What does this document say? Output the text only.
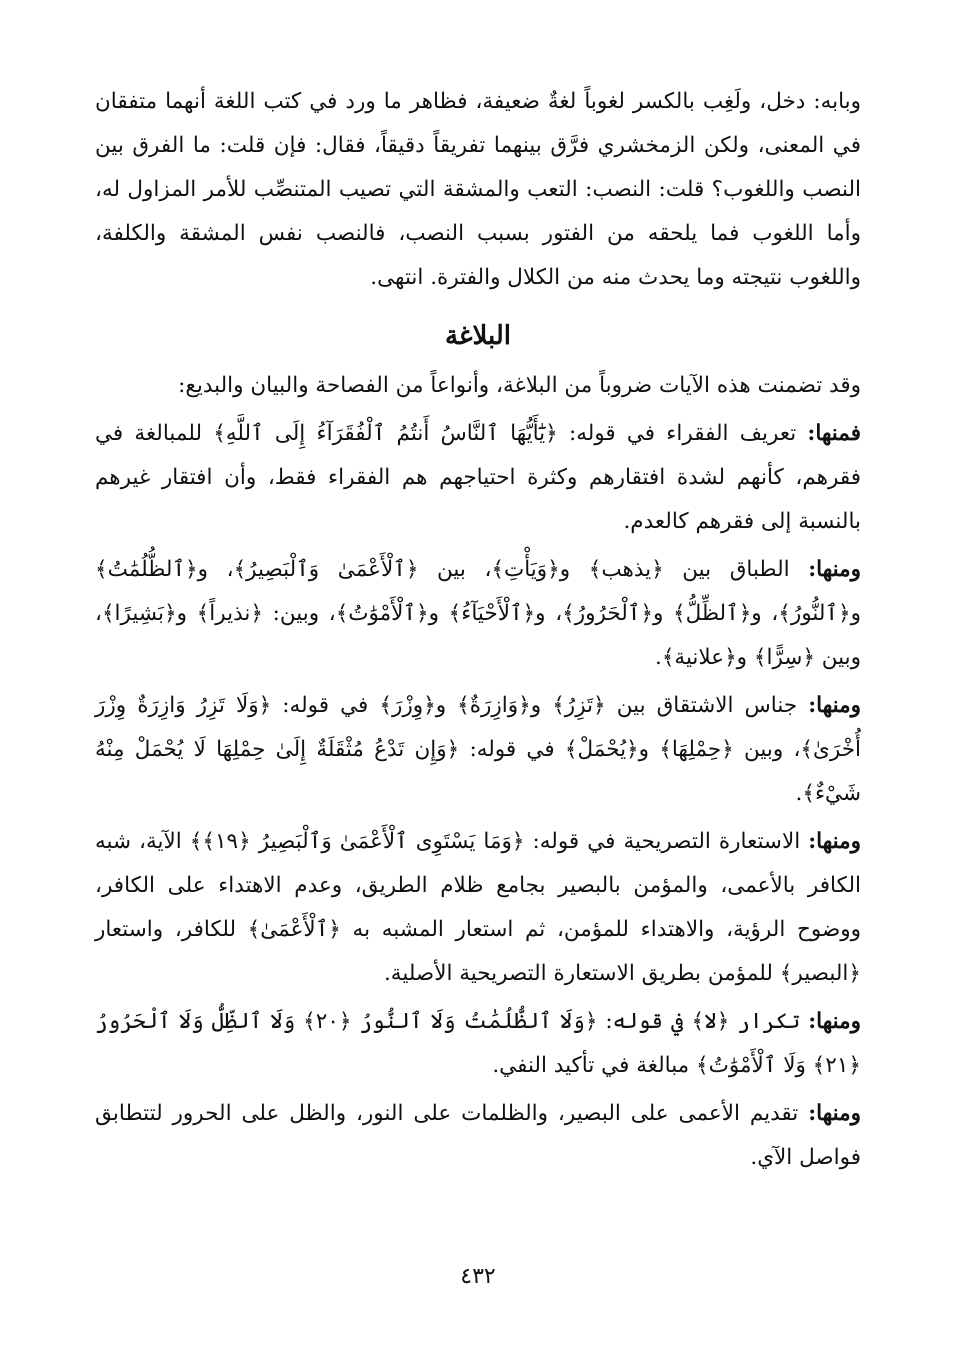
وبابه: دخل، ولَغِب بالكسر لغوباً لغةٌ ضعيفة، فظاهر ما ورد في كتب اللغة أنهما متفقان في المعنى، ولكن الزمخشري فرَّق بينهما تفريقاً دقيقاً، فقال: فإن قلت: ما الفرق بين النصب واللغوب؟ قلت: النصب: التعب والمشقة التي تصيب المتنصِّب للأمر المزاول له، وأما اللغوب فما يلحقه من الفتور بسبب النصب، فالنصب نفس المشقة والكلفة، واللغوب نتيجته وما يحدث منه من الكلال والفترة. انتهى.

البلاغة

وقد تضمنت هذه الآيات ضروباً من البلاغة، وأنواعاً من الفصاحة والبيان والبديع:

فمنها: تعريف الفقراء في قوله: ﴿يَٰٓأَيُّهَا ٱلنَّاسُ أَنتُمُ ٱلْفُقَرَآءُ إِلَى ٱللَّهِ﴾ للمبالغة في فقرهم، كأنهم لشدة افتقارهم وكثرة احتياجهم هم الفقراء فقط، وأن افتقار غيرهم بالنسبة إلى فقرهم كالعدم.

ومنها: الطباق بين ﴿يذهب﴾ و﴿وَيَأْتِ﴾، بين ﴿ٱلْأَعْمَىٰ وَٱلْبَصِيرُ﴾، و﴿ٱلظُّلُمَٰتُ﴾ و﴿ٱلنُّورُ﴾، و﴿ٱلظِّلُّ﴾ و﴿ٱلْحَرُورُ﴾، و﴿ٱلْأَحْيَآءُ﴾ و﴿ٱلْأَمْوَٰتُ﴾، وبين: ﴿نذيراً﴾ و﴿بَشِيرًا﴾، وبين ﴿سِرًّا﴾ و﴿علانية﴾.

ومنها: جناس الاشتقاق بين ﴿تَزِرُ﴾ و﴿وَازِرَةٌ﴾ و﴿وِزْرَ﴾ في قوله: ﴿وَلَا تَزِرُ وَازِرَةٌ وِزْرَ أُخْرَىٰ﴾، وبين ﴿حِمْلِهَا﴾ و﴿يُحْمَلْ﴾ في قوله: ﴿وَإِن تَدْعُ مُثْقَلَةٌ إِلَىٰ حِمْلِهَا لَا يُحْمَلْ مِنْهُ شَيْءٌ﴾.

ومنها: الاستعارة التصريحية في قوله: ﴿وَمَا يَسْتَوِى ٱلْأَعْمَىٰ وَٱلْبَصِيرُ ﴿١٩﴾﴾ الآية، شبه الكافر بالأعمى، والمؤمن بالبصير بجامع ظلام الطريق، وعدم الاهتداء على الكافر، ووضوح الرؤية، والاهتداء للمؤمن، ثم استعار المشبه به ﴿ٱلْأَعْمَىٰ﴾ للكافر، واستعار ﴿البصير﴾ للمؤمن بطريق الاستعارة التصريحية الأصلية.

ومنها: تكرار ﴿لا﴾ في قوله: ﴿وَلَا ٱلظُّلُمَٰتُ وَلَا ٱلنُّورُ ﴿٢٠﴾ وَلَا ٱلظِّلُّ وَلَا ٱلْحَرُورُ ﴿٢١﴾ وَلَا ٱلْأَمْوَٰتُ﴾ مبالغة في تأكيد النفي.

ومنها: تقديم الأعمى على البصير، والظلمات على النور، والظل على الحرور لتتطابق فواصل الآي.

٤٣٢
